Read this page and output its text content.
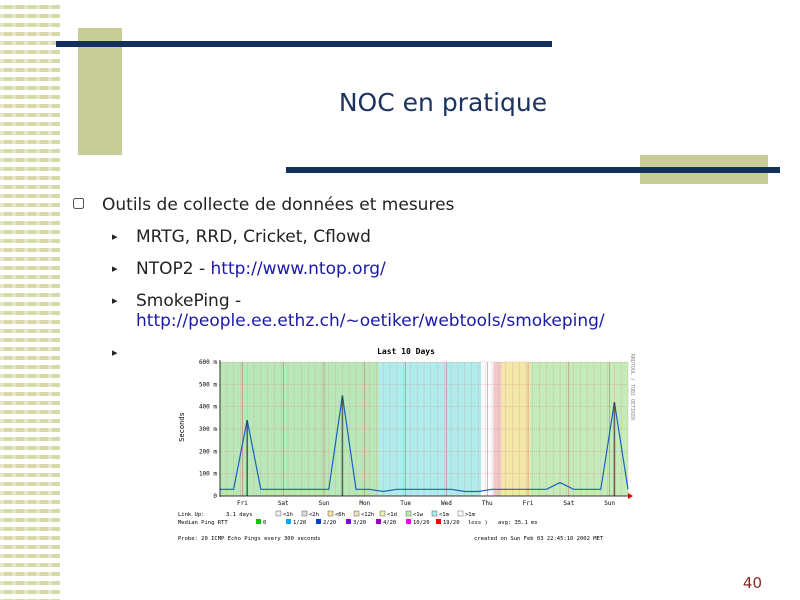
NOC en pratique
▢ Outils de collecte de données et mesures
▸ MRTG, RRD, Cricket, Cflowd
▸ NTOP2 - http://www.ntop.org/
▸ SmokePing -
http://people.ee.ethz.ch/~oetiker/webtools/smokeping/
▸	Last 10 Days
Seconds
RRDTOOL / TOBI OETIKER
600 m
500 m
400 m
300 m
200 m
100 m
0
Fri	Sat	Sun	Mon	Tue	Wed	Thu	Fri	Sat	Sun
Link Up:	3.1 days	<1h	<2h	<6h	<12h <1d	<1w	<1m	>1m
Median Ping RTT	0	1/20	2/20	3/20	4/20	10/20 19/20 loss ) avg: 35.1 ms
Probe: 20 ICMP Echo Pings every 300 seconds	created on Sun Feb 03 22:45:10 2002 MET
40
